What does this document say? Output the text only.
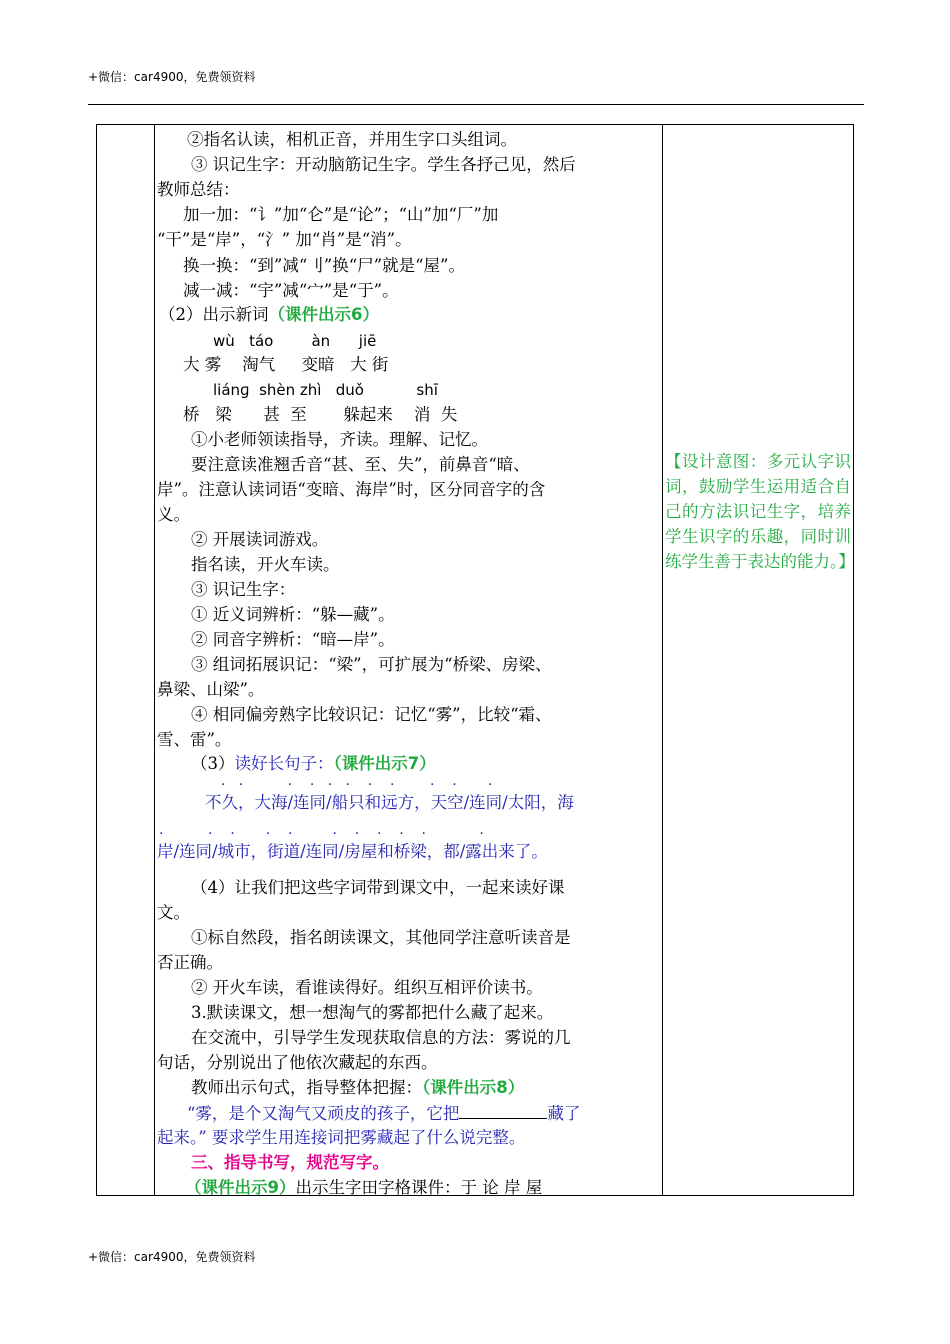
+微信：car4900，免费领资料
②指名认读，相机正音，并用生字口头组词。
③ 识记生字：开动脑筋记生字。学生各抒己见，然后
教师总结：
加一加：“讠”加“仑”是“论”；“山”加“厂”加
“干”是“岸”，“氵” 加“肖”是“消”。
换一换：“到”减“刂”换“尸”就是“屋”。
减一减：“宇”减“宀”是“于”。
（2）出示新词（课件出示6）
wù   táo        àn      jiē
大 雾    淘气     变暗   大 街
liánɡ  shèn zhì   duǒ           shī
桥   梁      甚  至       躲起来    消  失
①小老师领读指导，齐读。理解、记忆。
要注意读准翘舌音“甚、至、失”，前鼻音“暗、
岸”。注意认读词语“变暗、海岸”时，区分同音字的含
义。
② 开展读词游戏。
指名读，开火车读。
③ 识记生字：
① 近义词辨析：“躲—藏”。
② 同音字辨析：“暗—岸”。
③ 组词拓展识记：“梁”，可扩展为“桥梁、房梁、
鼻梁、山梁”。
④ 相同偏旁熟字比较识记：记忆“雾”，比较“霜、
雪、雷”。
（3）读好长句子：（课件出示7）
.   .          .    .   .   .    .    .        .    .       .
不久，大海/连同/船只和远方，天空/连同/太阳，海
.          .    .       .    .         .    .    .    .    .            .
岸/连同/城市，街道/连同/房屋和桥梁，都/露出来了。
（4）让我们把这些字词带到课文中，一起来读好课
文。
①标自然段，指名朗读课文，其他同学注意听读音是
否正确。
② 开火车读，看谁读得好。组织互相评价读书。
3.默读课文，想一想淘气的雾都把什么藏了起来。
在交流中，引导学生发现获取信息的方法：雾说的几
句话，分别说出了他依次藏起的东西。
教师出示句式，指导整体把握：（课件出示8）
“雾，是个又淘气又顽皮的孩子，它把	藏了
起来。” 要求学生用连接词把雾藏起了什么说完整。
三、指导书写，规范写字。
（课件出示9）出示生字田字格课件：于 论 岸 屋
【设计意图：多元认字识词，鼓励学生运用适合自己的方法识记生字，培养学生识字的乐趣，同时训练学生善于表达的能力。】
+微信：car4900，免费领资料
